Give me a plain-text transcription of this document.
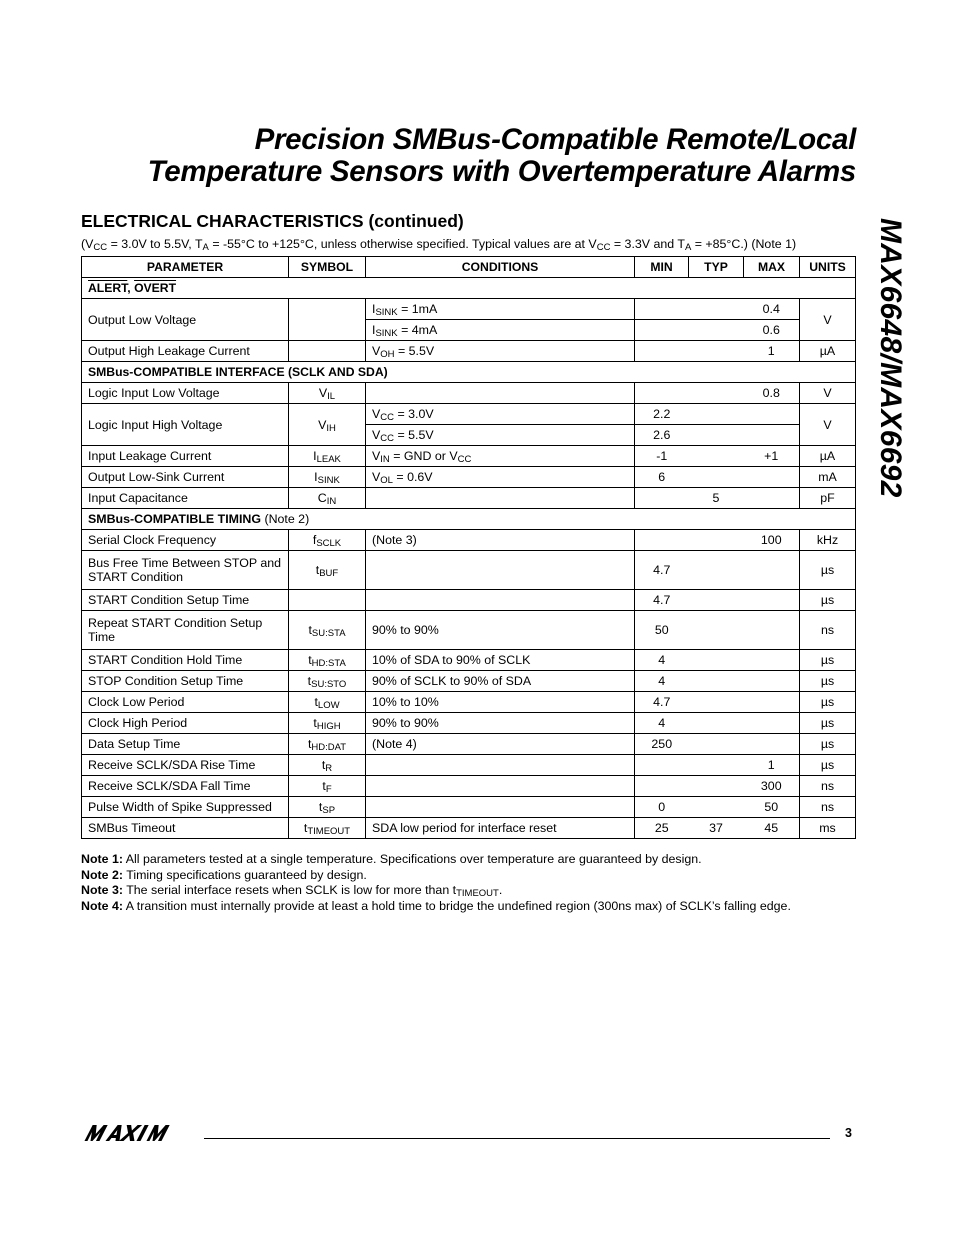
Precision SMBus-Compatible Remote/Local
Temperature Sensors with Overtemperature Alarms
MAX6648/MAX6692
ELECTRICAL CHARACTERISTICS (continued)
($V_{CC} = 3.0V$ to 5.5V, $T_A = -55^\circ C$ to +125°C, unless otherwise specified. Typical values are at $V_{CC} = 3.3V$ and $T_A = +85^\circ C$.) (Note 1)
PARAMETER	SYMBOL	CONDITIONS	MIN	TYP	MAX	UNITS
ALERT, OVERT						
Output Low Voltage		$I_{SINK} = 1mA$			0.4	V
		$I_{SINK} = 4mA$			0.6	
Output High Leakage Current		$V_{OH} = 5.5V$			1	µA
SMBus-COMPATIBLE INTERFACE (SCLK AND SDA)						
Logic Input Low Voltage	$V_{IL}$				0.8	V
Logic Input High Voltage	$V_{IH}$	$V_{CC} = 3.0V$	2.2			V
		$V_{CC} = 5.5V$	2.6			
Input Leakage Current	$I_{LEAK}$	$V_{IN}$ = GND or $V_{CC}$	-1		+1	µA
Output Low-Sink Current	$I_{SINK}$	$V_{OL} = 0.6V$	6			mA
Input Capacitance	$C_{IN}$			5		pF
SMBus-COMPATIBLE TIMING (Note 2)						
Serial Clock Frequency	$f_{SCLK}$	(Note 3)			100	kHz
Bus Free Time Between STOP and START Condition	$t_{BUF}$		4.7			µs
START Condition Setup Time			4.7			µs
Repeat START Condition Setup Time	$t_{SU:STA}$	90% to 90%	50			ns
START Condition Hold Time	$t_{HD:STA}$	10% of SDA to 90% of SCLK	4			µs
STOP Condition Setup Time	$t_{SU:STO}$	90% of SCLK to 90% of SDA	4			µs
Clock Low Period	$t_{LOW}$	10% to 10%	4.7			µs
Clock High Period	$t_{HIGH}$	90% to 90%	4			µs
Data Setup Time	$t_{HD:DAT}$	(Note 4)	250			µs
Receive SCLK/SDA Rise Time	$t_R$				1	µs
Receive SCLK/SDA Fall Time	$t_F$				300	ns
Pulse Width of Spike Suppressed	$t_{SP}$		0		50	ns
SMBus Timeout	$t_{TIMEOUT}$	SDA low period for interface reset	25	37	45	ms
Note 1: All parameters tested at a single temperature. Specifications over temperature are guaranteed by design.
Note 2: Timing specifications guaranteed by design.
Note 3: The serial interface resets when SCLK is low for more than $t_{TIMEOUT}$.
Note 4: A transition must internally provide at least a hold time to bridge the undefined region (300ns max) of SCLK’s falling edge.
3
